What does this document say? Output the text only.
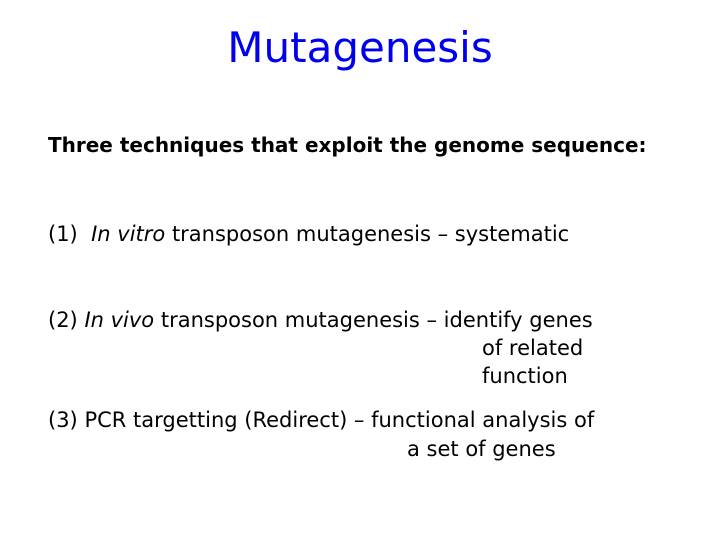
Mutagenesis
Three techniques that exploit the genome sequence:
(1) In vitro transposon mutagenesis – systematic
(2) In vivo transposon mutagenesis – identify genes
of related
function
(3) PCR targetting (Redirect) – functional analysis of
a set of genes
